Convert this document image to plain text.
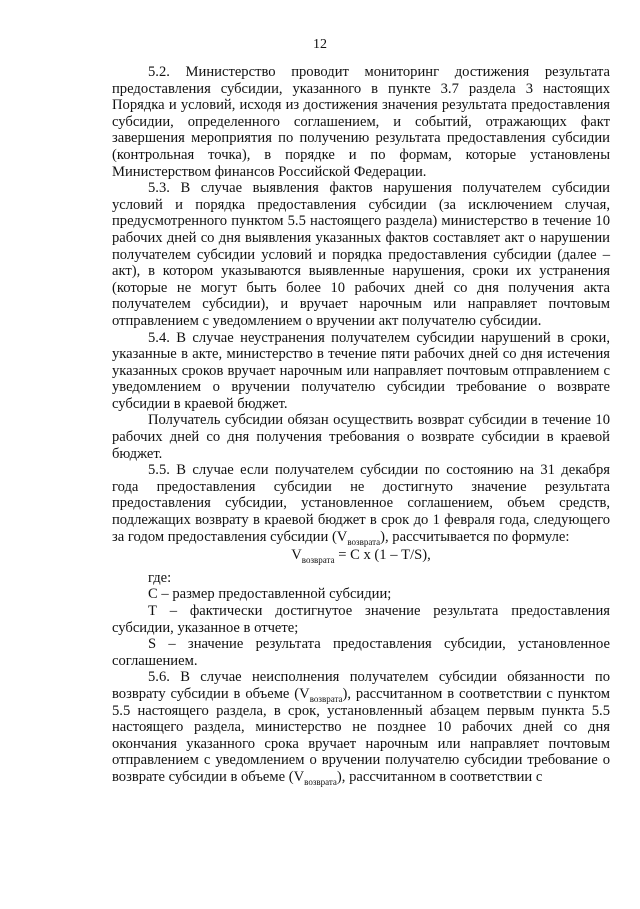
12

5.2. Министерство проводит мониторинг достижения результата предоставления субсидии, указанного в пункте 3.7 раздела 3 настоящих Порядка и условий, исходя из достижения значения результата предоставления субсидии, определенного соглашением, и событий, отражающих факт завершения мероприятия по получению результата предоставления субсидии (контрольная точка), в порядке и по формам, которые установлены Министерством финансов Российской Федерации.

5.3. В случае выявления фактов нарушения получателем субсидии условий и порядка предоставления субсидии (за исключением случая, предусмотренного пунктом 5.5 настоящего раздела) министерство в течение 10 рабочих дней со дня выявления указанных фактов составляет акт о нарушении получателем субсидии условий и порядка предоставления субсидии (далее – акт), в котором указываются выявленные нарушения, сроки их устранения (которые не могут быть более 10 рабочих дней со дня получения акта получателем субсидии), и вручает нарочным или направляет почтовым отправлением с уведомлением о вручении акт получателю субсидии.

5.4. В случае неустранения получателем субсидии нарушений в сроки, указанные в акте, министерство в течение пяти рабочих дней со дня истечения указанных сроков вручает нарочным или направляет почтовым отправлением с уведомлением о вручении получателю субсидии требование о возврате субсидии в краевой бюджет.

Получатель субсидии обязан осуществить возврат субсидии в течение 10 рабочих дней со дня получения требования о возврате субсидии в краевой бюджет.

5.5. В случае если получателем субсидии по состоянию на 31 декабря года предоставления субсидии не достигнуто значение результата предоставления субсидии, установленное соглашением, объем средств, подлежащих возврату в краевой бюджет в срок до 1 февраля года, следующего за годом предоставления субсидии $(V_{возврата})$, рассчитывается по формуле:

$V_{возврата} = С$ х (1 – T/S),

где:

С – размер предоставленной субсидии;

Т – фактически достигнутое значение результата предоставления субсидии, указанное в отчете;

S – значение результата предоставления субсидии, установленное соглашением.

5.6. В случае неисполнения получателем субсидии обязанности по возврату субсидии в объеме $(V_{возврата})$, рассчитанном в соответствии с пунктом 5.5 настоящего раздела, в срок, установленный абзацем первым пункта 5.5 настоящего раздела, министерство не позднее 10 рабочих дней со дня окончания указанного срока вручает нарочным или направляет почтовым отправлением с уведомлением о вручении получателю субсидии требование о возврате субсидии в объеме $(V_{возврата})$, рассчитанном в соответствии с
